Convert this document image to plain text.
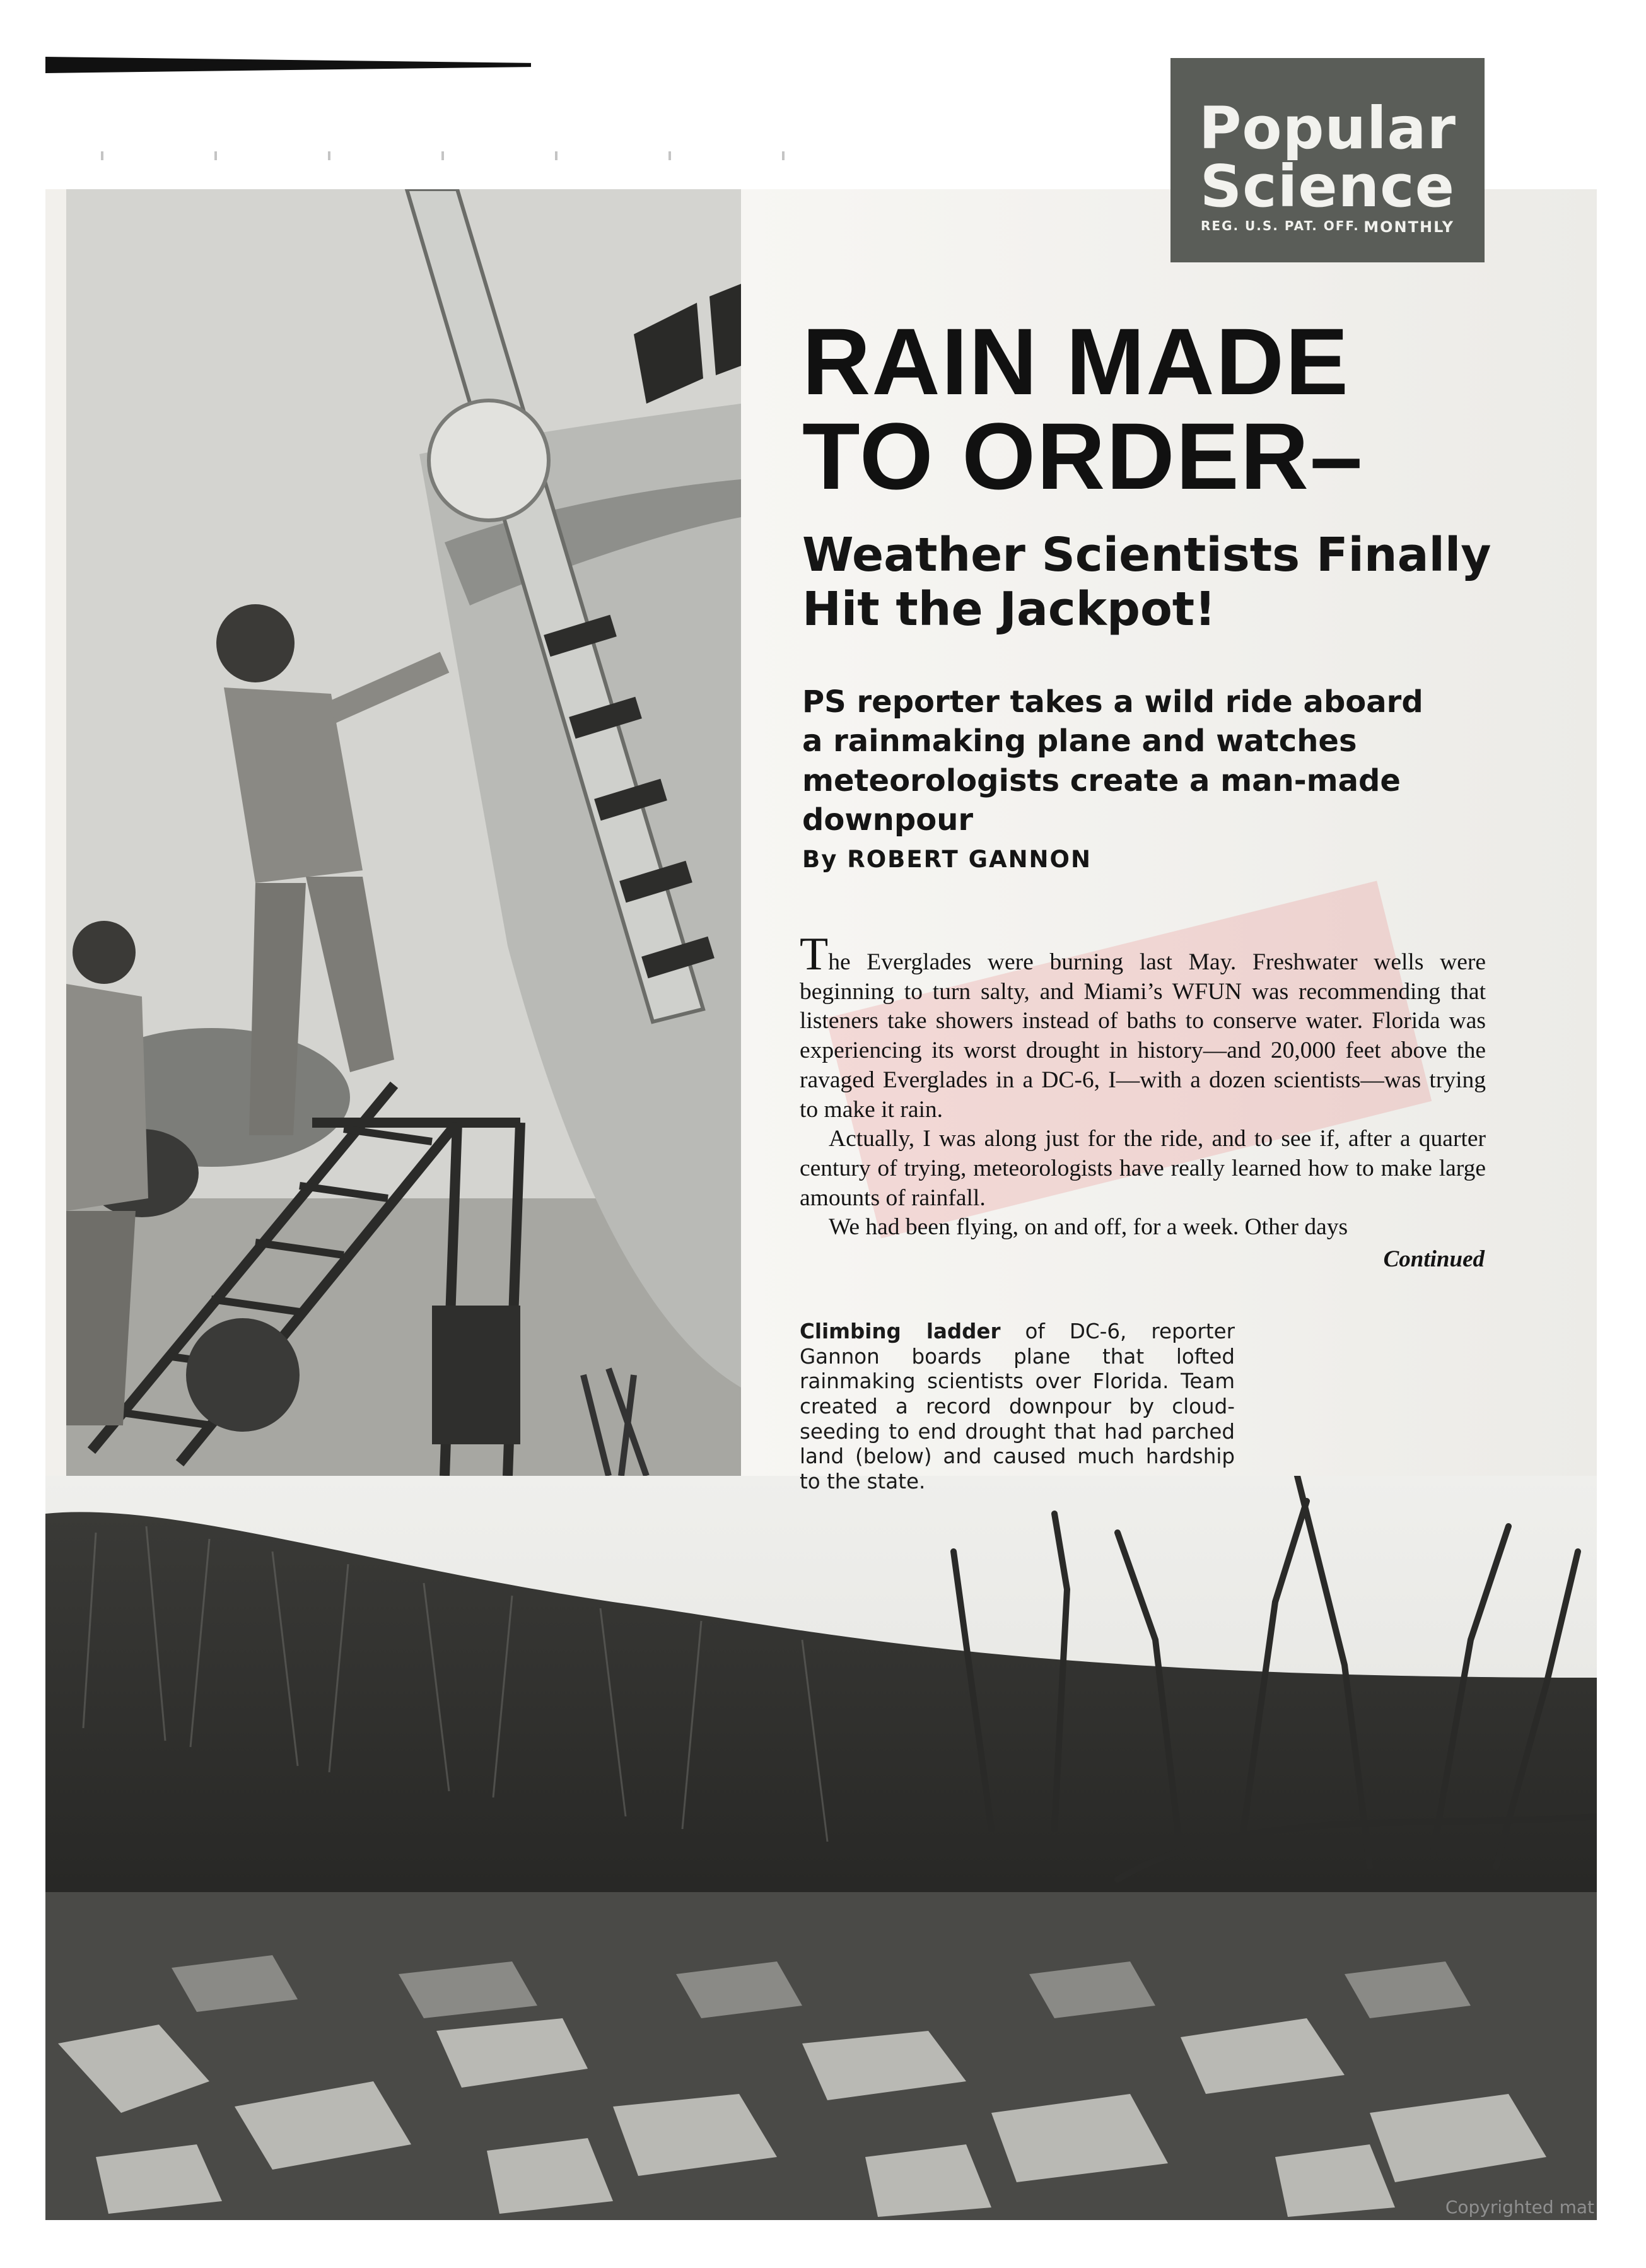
Popular
Science
REG. U.S. PAT. OFF. MONTHLY
RAIN MADE
TO ORDER–
Weather Scientists Finally
Hit the Jackpot!
PS reporter takes a wild ride aboard
a rainmaking plane and watches
meteorologists create a man-made downpour
By ROBERT GANNON

The Everglades were burning last May. Freshwater wells were beginning to turn salty, and Miami’s WFUN was recommending that listeners take showers instead of baths to conserve water. Florida was experiencing its worst drought in history—and 20,000 feet above the ravaged Everglades in a DC-6, I—with a dozen scientists—was trying to make it rain.

Actually, I was along just for the ride, and to see if, after a quarter century of trying, meteorologists have really learned how to make large amounts of rainfall.

We had been flying, on and off, for a week. Other days

Continued
Climbing ladder of DC-6, reporter Gannon boards plane that lofted rainmaking scientists over Florida. Team created a record downpour by cloud-seeding to end drought that had parched land (below) and caused much hardship to the state.
Copyrighted mat
